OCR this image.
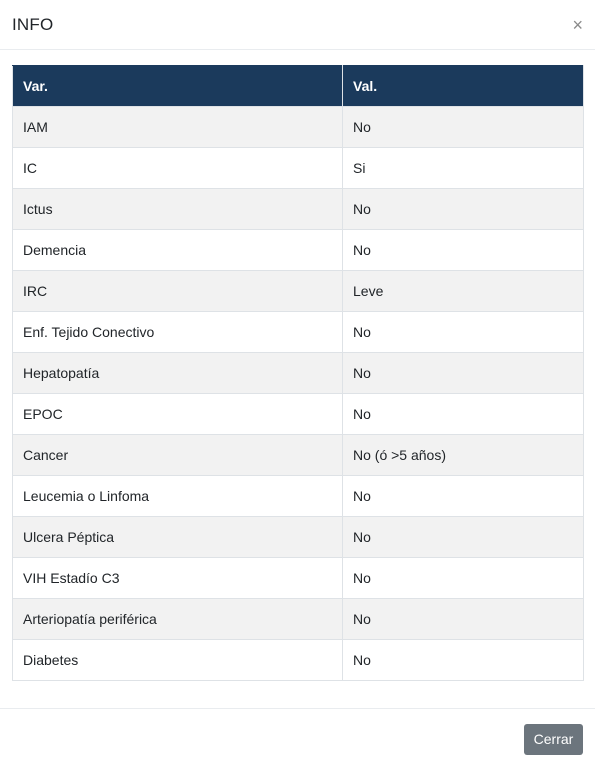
INFO	×
Var.	Val.
IAM	No
IC	Si
Ictus	No
Demencia	No
IRC	Leve
Enf. Tejido Conectivo	No
Hepatopatía	No
EPOC	No
Cancer	No (ó >5 años)
Leucemia o Linfoma	No
Ulcera Péptica	No
VIH Estadío C3	No
Arteriopatía periférica	No
Diabetes	No
Cerrar
